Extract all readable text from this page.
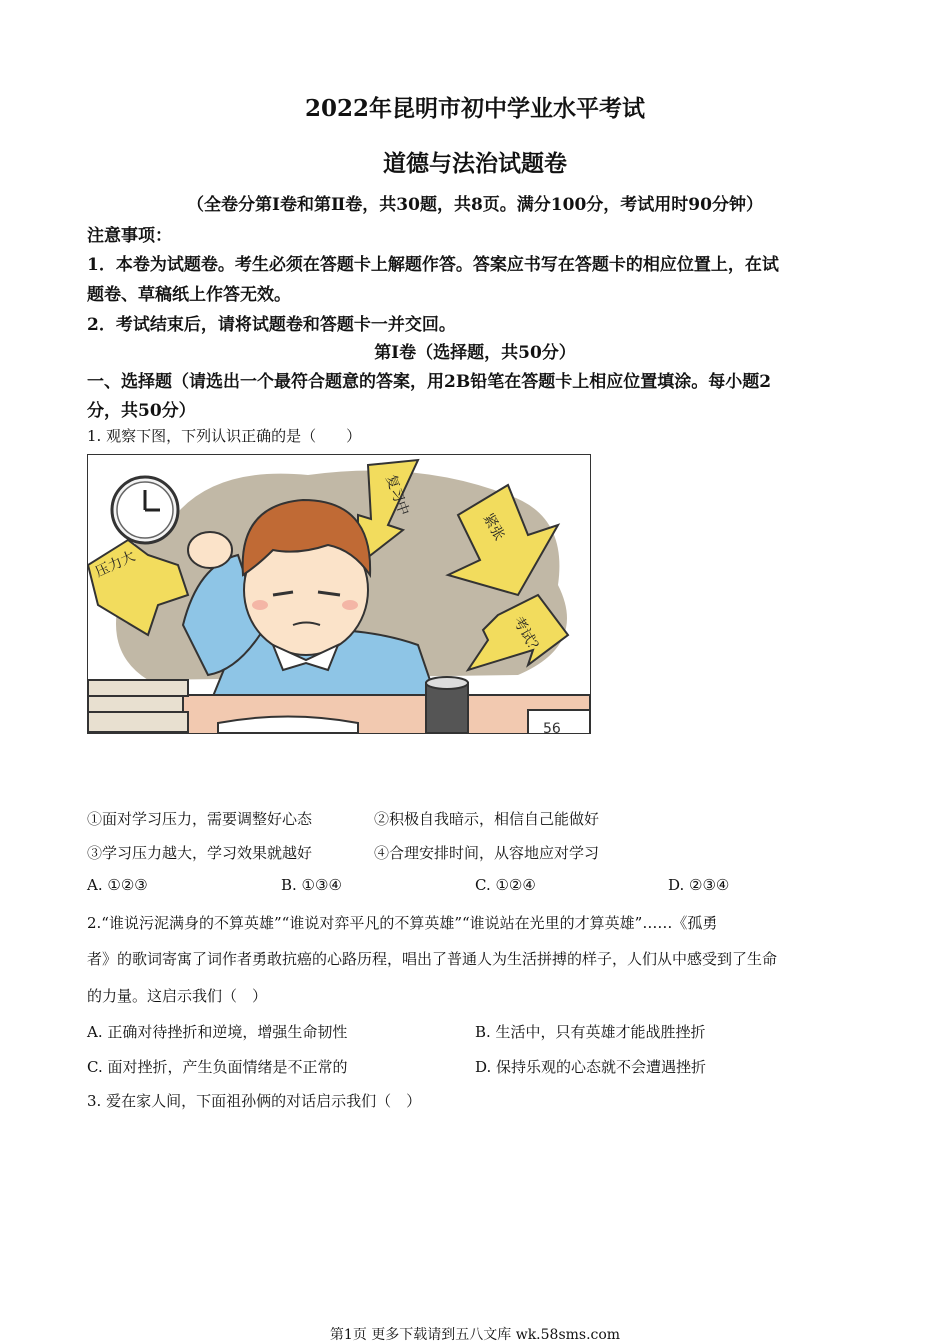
2022年昆明市初中学业水平考试
道德与法治试题卷
（全卷分第Ⅰ卷和第Ⅱ卷，共30题，共8页。满分100分，考试用时90分钟）
注意事项：
1．本卷为试题卷。考生必须在答题卡上解题作答。答案应书写在答题卡的相应位置上，在试
题卷、草稿纸上作答无效。
2．考试结束后，请将试题卷和答题卡一并交回。
第Ⅰ卷（选择题，共50分）
一、选择题（请选出一个最符合题意的答案，用2B铅笔在答题卡上相应位置填涂。每小题2
分，共50分）
1. 观察下图，下列认识正确的是（　　）
复习中
紧张
考试？
压力大
56
①面对学习压力，需要调整好心态	②积极自我暗示，相信自己能做好
③学习压力越大，学习效果就越好	④合理安排时间，从容地应对学习
A. ①②③	B. ①③④	C. ①②④	D. ②③④
2.“谁说污泥满身的不算英雄”“谁说对弈平凡的不算英雄”“谁说站在光里的才算英雄”……《孤勇
者》的歌词寄寓了词作者勇敢抗癌的心路历程，唱出了普通人为生活拼搏的样子，人们从中感受到了生命
的力量。这启示我们（　）
A. 正确对待挫折和逆境，增强生命韧性	B. 生活中，只有英雄才能战胜挫折
C. 面对挫折，产生负面情绪是不正常的	D. 保持乐观的心态就不会遭遇挫折
3. 爱在家人间，下面祖孙俩的对话启示我们（　）
第1页 更多下载请到五八文库 wk.58sms.com
